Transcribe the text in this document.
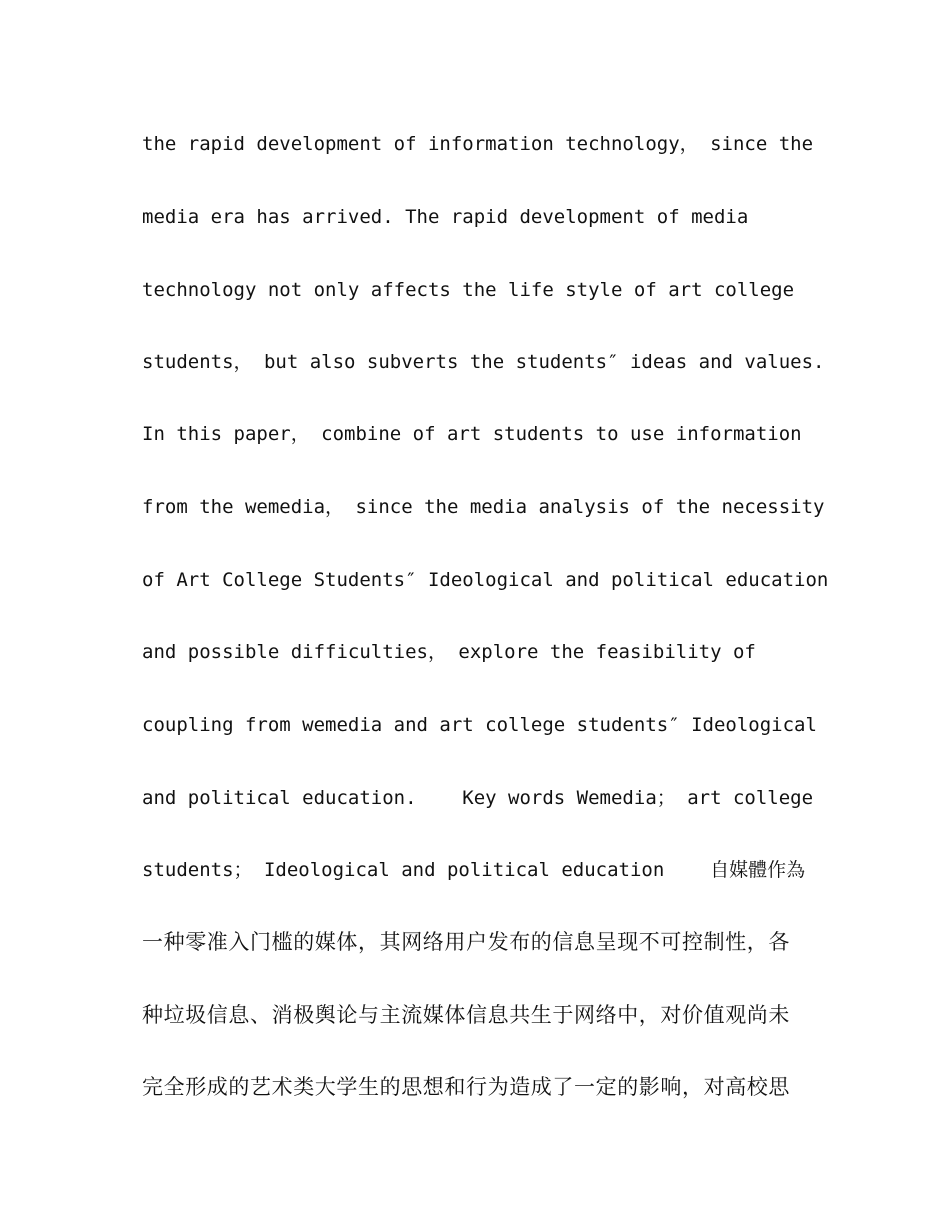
the rapid development of information technology， since the
media era has arrived. The rapid development of media
technology not only affects the life style of art college
students， but also subverts the students″ ideas and values.
In this paper， combine of art students to use information
from the wemedia， since the media analysis of the necessity
of Art College Students″ Ideological and political education
and possible difficulties， explore the feasibility of
coupling from wemedia and art college students″ Ideological
and political education.    Key words Wemedia； art college
students； Ideological and political education    自媒體作為
一种零准入门槛的媒体，其网络用户发布的信息呈现不可控制性，各
种垃圾信息、消极舆论与主流媒体信息共生于网络中，对价值观尚未
完全形成的艺术类大学生的思想和行为造成了一定的影响，对高校思
